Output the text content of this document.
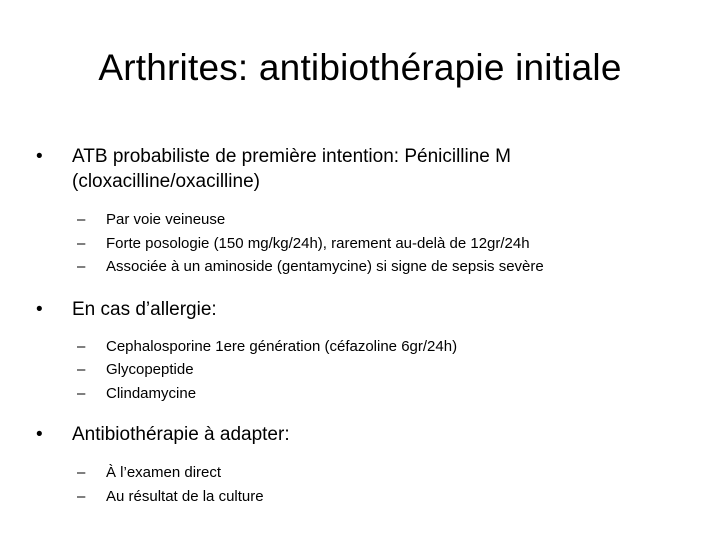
Arthrites: antibiothérapie initiale
•	ATB probabiliste de première intention: Pénicilline M (cloxacilline/oxacilline)
– Par voie veineuse
– Forte posologie (150 mg/kg/24h), rarement au-delà de 12gr/24h
– Associée à un aminoside (gentamycine) si signe de sepsis sevère
•	En cas d’allergie:
– Cephalosporine 1ere génération (céfazoline 6gr/24h)
– Glycopeptide
– Clindamycine
•	Antibiothérapie à adapter:
– À l’examen direct
– Au résultat de la culture
